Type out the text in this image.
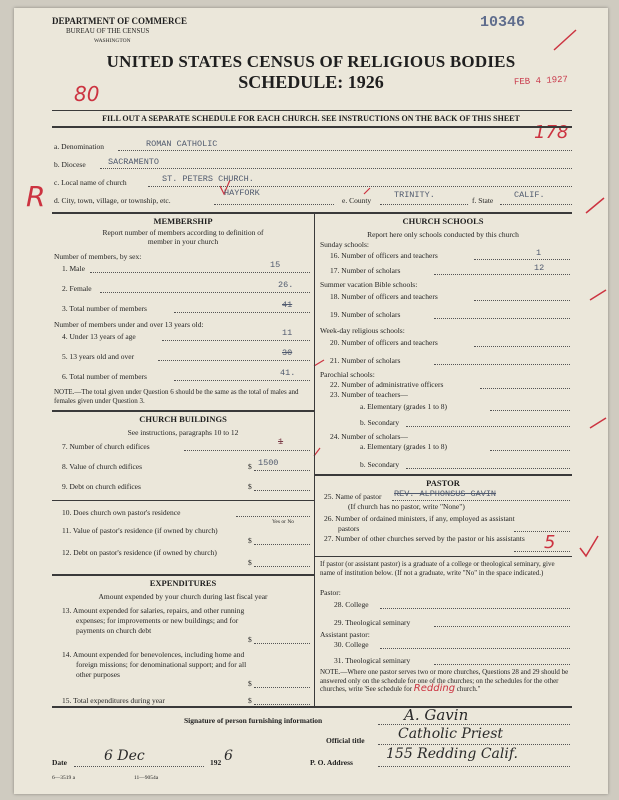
DEPARTMENT OF COMMERCE
BUREAU OF THE CENSUS
WASHINGTON
10346
UNITED STATES CENSUS OF RELIGIOUS BODIES
SCHEDULE: 1926	FEB 4 1927
80
178
R
FILL OUT A SEPARATE SCHEDULE FOR EACH CHURCH. SEE INSTRUCTIONS ON THE BACK OF THIS SHEET
a. Denomination	ROMAN CATHOLIC
b. Diocese	SACRAMENTO
c. Local name of church	ST. PETERS CHURCH.
d. City, town, village, or township, etc.
HAYFORK
e. County
TRINITY.
f. State
CALIF.
MEMBERSHIP
Report number of members according to definition of
member in your church
Number of members, by sex:
1. Male	15
2. Female	26.
3. Total number of members	41
Number of members under and over 13 years old:
4. Under 13 years of age	11
5. 13 years old and over	30
6. Total number of members	41.
NOTE.—The total given under Question 6 should be the same as the total of males and females given under Question 3.
CHURCH BUILDINGS
See instructions, paragraphs 10 to 12
7. Number of church edifices	1
8. Value of church edifices	$ 1500
9. Debt on church edifices	$
10. Does church own pastor's residence
Yes or No
11. Value of pastor's residence (if owned by church)
$
12. Debt on pastor's residence (if owned by church)
$
EXPENDITURES
Amount expended by your church during last fiscal year
13. Amount expended for salaries, repairs, and other running expenses; for improvements or new buildings; and for payments on church debt
$
14. Amount expended for benevolences, including home and foreign missions; for denominational support; and for all other purposes
$
15. Total expenditures during year	$
CHURCH SCHOOLS
Report here only schools conducted by this church
Sunday schools:
16. Number of officers and teachers	1
17. Number of scholars	12
Summer vacation Bible schools:
18. Number of officers and teachers
19. Number of scholars
Week-day religious schools:
20. Number of officers and teachers
21. Number of scholars
Parochial schools:
22. Number of administrative officers
23. Number of teachers—
a. Elementary (grades 1 to 8)
b. Secondary
24. Number of scholars—
a. Elementary (grades 1 to 8)
b. Secondary
PASTOR
25. Name of pastor REV. ALPHONSUS GAVIN
(If church has no pastor, write "None")
26. Number of ordained ministers, if any, employed as assistant pastors
27. Number of other churches served by the pastor or his assistants	5
If pastor (or assistant pastor) is a graduate of a college or theological seminary, give name of institution below. (If not a graduate, write "No" in the space indicated.)
Pastor:
28. College
29. Theological seminary
Assistant pastor:
30. College
31. Theological seminary
NOTE.—Where one pastor serves two or more churches, Questions 28 and 29 should be answered only on the schedule for one of the churches; on the schedules for the other churches, write 'See schedule for Redding church."
Signature of person furnishing information	A. Gavin
Official title Catholic Priest
Date	6 Dec	192 6	P. O. Address
155 Redding Calif.
6—3519 a	11—9054a
